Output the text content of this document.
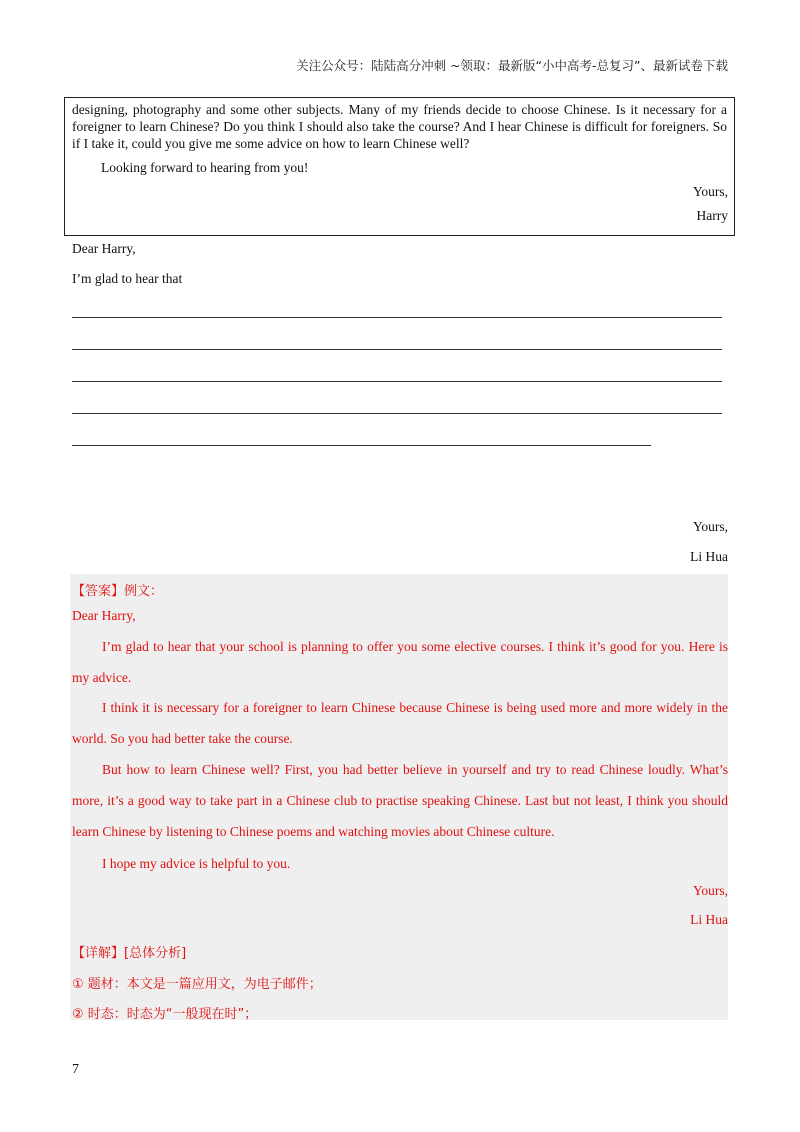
关注公众号：陆陆高分冲刺 ~领取：最新版“小中高考-总复习”、最新试卷下载
designing, photography and some other subjects. Many of my friends decide to choose Chinese. Is it necessary for a foreigner to learn Chinese? Do you think I should also take the course? And I hear Chinese is difficult for foreigners. So if I take it, could you give me some advice on how to learn Chinese well?
Looking forward to hearing from you!
Yours,
Harry
Dear Harry,
I’m glad to hear that
Yours,
Li Hua
【答案】例文：
Dear Harry,
I’m glad to hear that your school is planning to offer you some elective courses. I think it’s good for you. Here is my advice.
I think it is necessary for a foreigner to learn Chinese because Chinese is being used more and more widely in the world. So you had better take the course.
But how to learn Chinese well? First, you had better believe in yourself and try to read Chinese loudly. What’s more, it’s a good way to take part in a Chinese club to practise speaking Chinese. Last but not least, I think you should learn Chinese by listening to Chinese poems and watching movies about Chinese culture.
I hope my advice is helpful to you.
Yours,
Li Hua
【详解】[总体分析]
① 题材：本文是一篇应用文，为电子邮件；
② 时态：时态为“一般现在时”；
7
